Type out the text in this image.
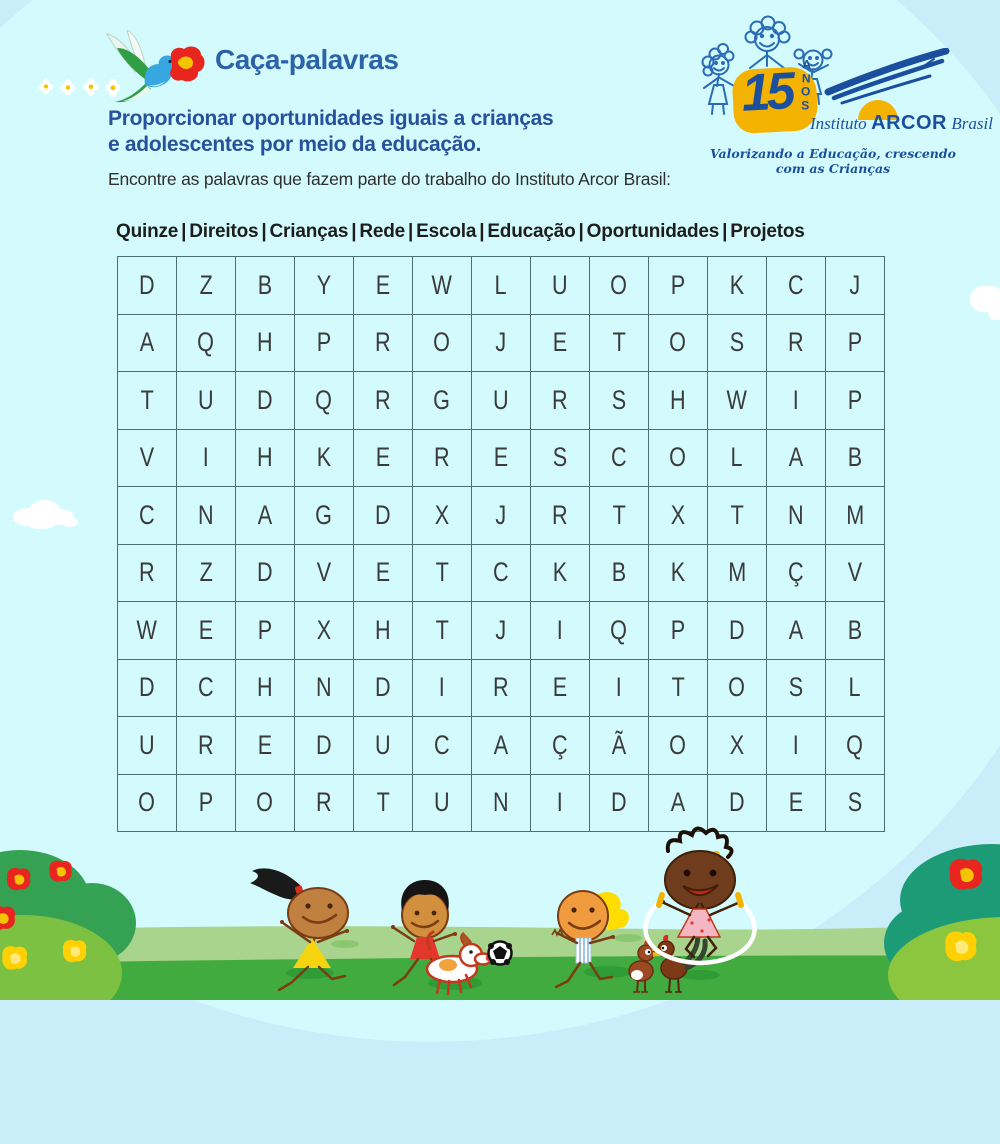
Caça-palavras
15 A
N
O
S
Instituto ARCOR Brasil
Valorizando a Educação, crescendo com as Crianças
Proporcionar oportunidades iguais a crianças
e adolescentes por meio da educação.
Encontre as palavras que fazem parte do trabalho do Instituto Arcor Brasil:
Quinze | Direitos | Crianças | Rede | Escola | Educação | Oportunidades | Projetos
D Z B Y E W L U O P K C J
A Q H P R O J E T O S R P
T U D Q R G U R S H W I P
V I H K E R E S C O L A B
C N A G D X J R T X T N M
R Z D V E T C K B K M Ç V
W E P X H T J I Q P D A B
D C H N D I R E I T O S L
U R E D U C A Ç Ã O X I Q
O P O R T U N I D A D E S
